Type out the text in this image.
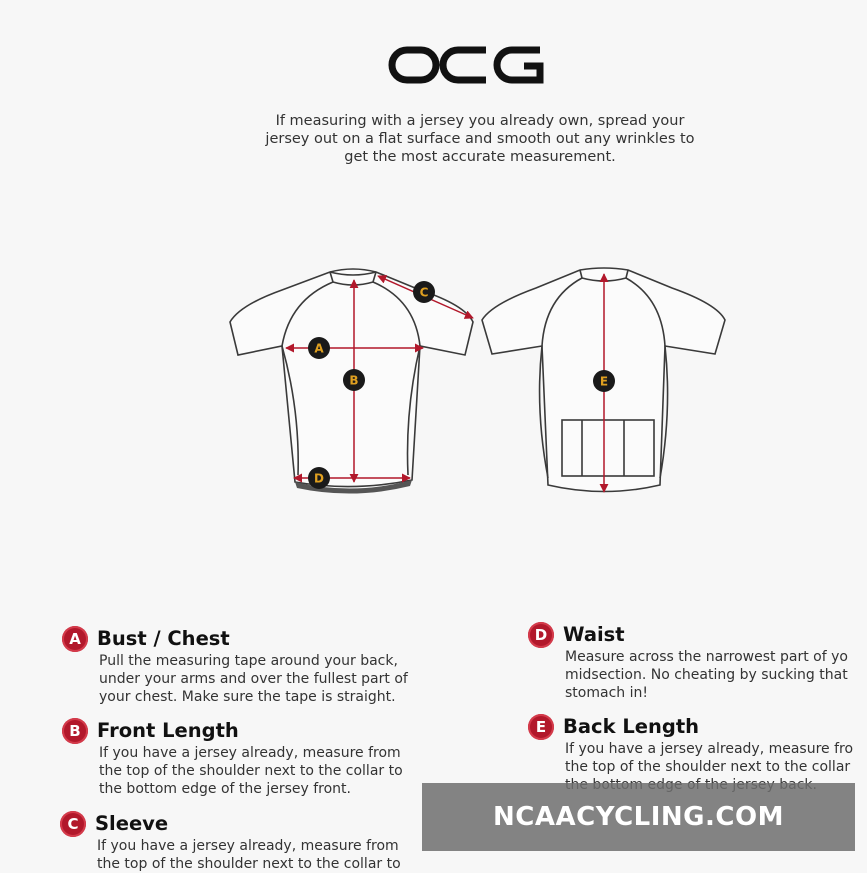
If measuring with a jersey you already own, spread your
jersey out on a flat surface and smooth out any wrinkles to
get the most accurate measurement.
A
B
C
D
E
A Bust / Chest
Pull the measuring tape around your back,
under your arms and over the fullest part of
your chest. Make sure the tape is straight.
B Front Length
If you have a jersey already, measure from
the top of the shoulder next to the collar to
the bottom edge of the jersey front.
C Sleeve
If you have a jersey already, measure from
the top of the shoulder next to the collar to
D Waist
Measure across the narrowest part of yo
midsection. No cheating by sucking that
stomach in!
E Back Length
If you have a jersey already, measure fro
the top of the shoulder next to the collar
NCAACYCLING.COM
